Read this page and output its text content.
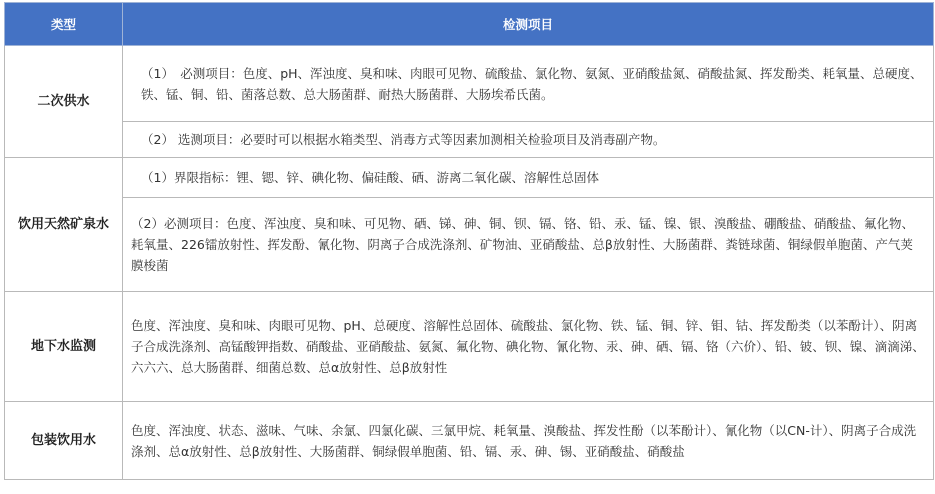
类型	检测项目
二次供水	（1）　必测项目：色度、pH、浑浊度、臭和味、肉眼可见物、硫酸盐、氯化物、氨氮、亚硝酸盐氮、硝酸盐氮、挥发酚类、耗氧量、总硬度、铁、锰、铜、铅、菌落总数、总大肠菌群、耐热大肠菌群、大肠埃希氏菌。
	（2） 选测项目：必要时可以根据水箱类型、消毒方式等因素加测相关检验项目及消毒副产物。
饮用天然矿泉水	（1）界限指标：锂、锶、锌、碘化物、偏硅酸、硒、游离二氧化碳、溶解性总固体
	（2）必测项目：色度、浑浊度、臭和味、可见物、硒、锑、砷、铜、钡、镉、铬、铅、汞、锰、镍、银、溴酸盐、硼酸盐、硝酸盐、氟化物、耗氧量、226镭放射性、挥发酚、氰化物、阴离子合成洗涤剂、矿物油、亚硝酸盐、总β放射性、大肠菌群、粪链球菌、铜绿假单胞菌、产气荚膜梭菌
地下水监测	色度、浑浊度、臭和味、肉眼可见物、pH、总硬度、溶解性总固体、硫酸盐、氯化物、铁、锰、铜、锌、钼、钴、挥发酚类（以苯酚计）、阴离子合成洗涤剂、高锰酸钾指数、硝酸盐、亚硝酸盐、氨氮、氟化物、碘化物、氰化物、汞、砷、硒、镉、铬（六价）、铅、铍、钡、镍、滴滴涕、六六六、总大肠菌群、细菌总数、总α放射性、总β放射性
包装饮用水	色度、浑浊度、状态、滋味、气味、余氯、四氯化碳、三氯甲烷、耗氧量、溴酸盐、挥发性酚（以苯酚计）、氰化物（以CN-计）、阴离子合成洗涤剂、总α放射性、总β放射性、大肠菌群、铜绿假单胞菌、铅、镉、汞、砷、锡、亚硝酸盐、硝酸盐
